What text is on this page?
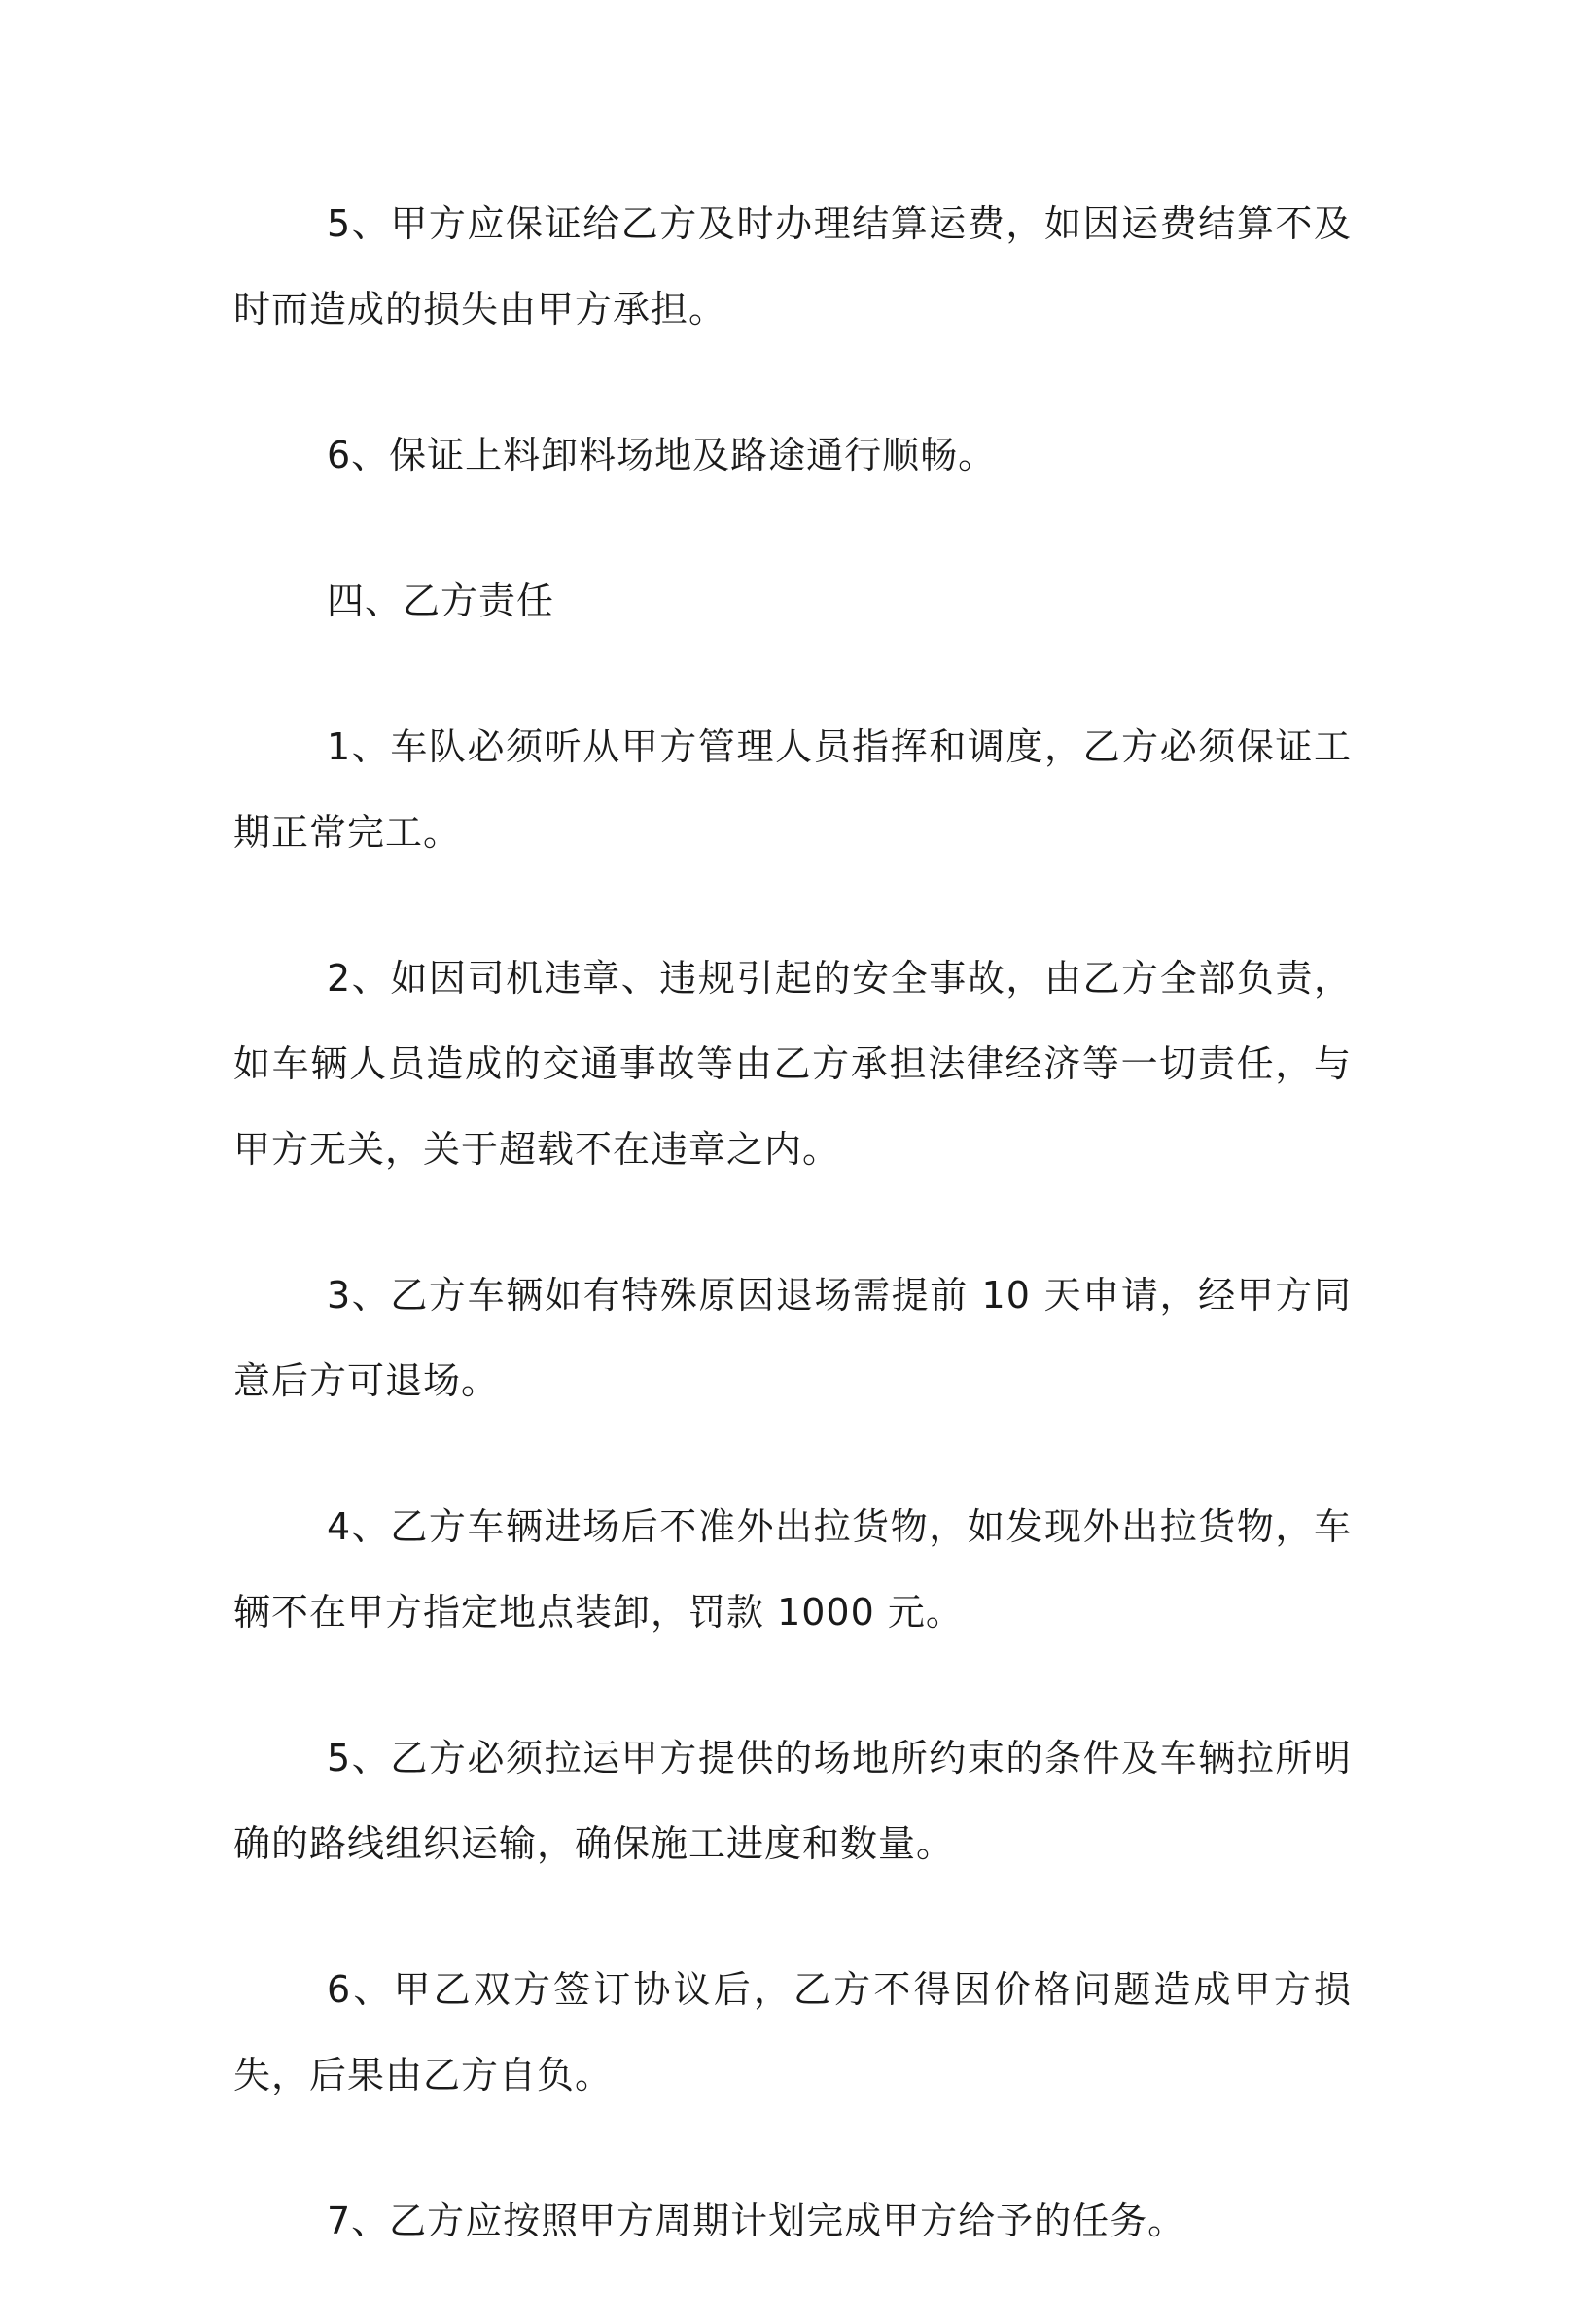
5、甲方应保证给乙方及时办理结算运费，如因运费结算不及时而造成的损失由甲方承担。

6、保证上料卸料场地及路途通行顺畅。

四、乙方责任

1、车队必须听从甲方管理人员指挥和调度，乙方必须保证工期正常完工。

2、如因司机违章、违规引起的安全事故，由乙方全部负责，如车辆人员造成的交通事故等由乙方承担法律经济等一切责任，与甲方无关，关于超载不在违章之内。

3、乙方车辆如有特殊原因退场需提前 10 天申请，经甲方同意后方可退场。

4、乙方车辆进场后不准外出拉货物，如发现外出拉货物，车辆不在甲方指定地点装卸，罚款 1000 元。

5、乙方必须拉运甲方提供的场地所约束的条件及车辆拉所明确的路线组织运输，确保施工进度和数量。

6、甲乙双方签订协议后，乙方不得因价格问题造成甲方损失，后果由乙方自负。

7、乙方应按照甲方周期计划完成甲方给予的任务。
